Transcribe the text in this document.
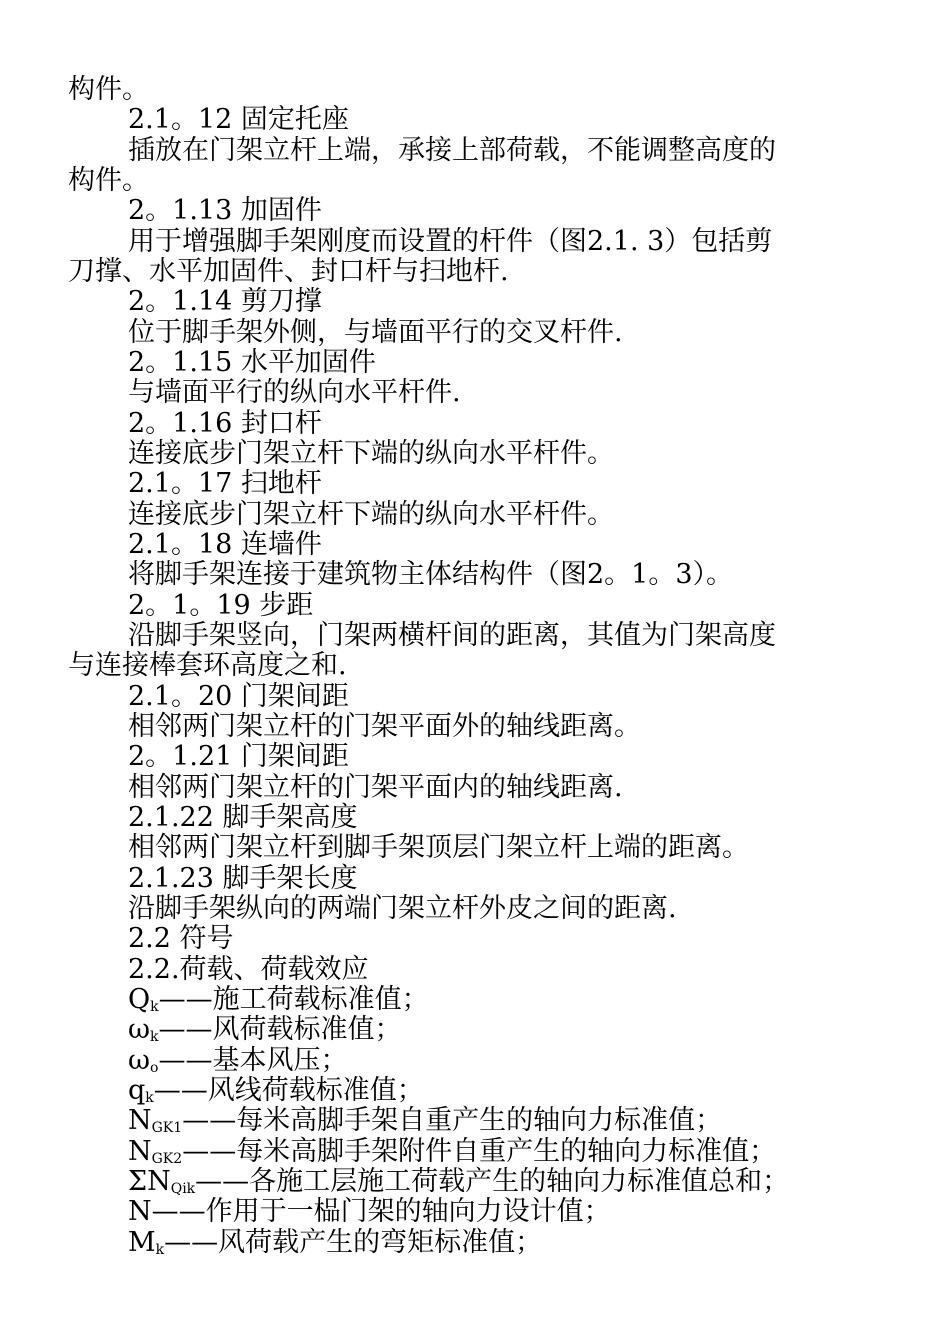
构件。
2.1。12 固定托座
插放在门架立杆上端，承接上部荷载，不能调整高度的
构件。
2。1.13 加固件
用于增强脚手架刚度而设置的杆件（图2.1. 3）包括剪
刀撑、水平加固件、封口杆与扫地杆.
2。1.14 剪刀撑
位于脚手架外侧，与墙面平行的交叉杆件.
2。1.15 水平加固件
与墙面平行的纵向水平杆件.
2。1.16 封口杆
连接底步门架立杆下端的纵向水平杆件。
2.1。17 扫地杆
连接底步门架立杆下端的纵向水平杆件。
2.1。18 连墙件
将脚手架连接于建筑物主体结构件（图2。1。3）。
2。1。19 步距
沿脚手架竖向，门架两横杆间的距离，其值为门架高度
与连接棒套环高度之和.
2.1。20 门架间距
相邻两门架立杆的门架平面外的轴线距离。
2。1.21 门架间距
相邻两门架立杆的门架平面内的轴线距离.
2.1.22 脚手架高度
相邻两门架立杆到脚手架顶层门架立杆上端的距离。
2.1.23 脚手架长度
沿脚手架纵向的两端门架立杆外皮之间的距离.
2.2 符号
2.2.荷载、荷载效应
$Q_k——$施工荷载标准值；
$\omega_k——$风荷载标准值；
$\omega_o——$基本风压；
$q_k——$风线荷载标准值；
$N_{GK1}——$每米高脚手架自重产生的轴向力标准值；
$N_{GK2}——$每米高脚手架附件自重产生的轴向力标准值；
$\Sigma N_{Qik}——$各施工层施工荷载产生的轴向力标准值总和；
N——作用于一榀门架的轴向力设计值；
$M_k——$风荷载产生的弯矩标准值；
